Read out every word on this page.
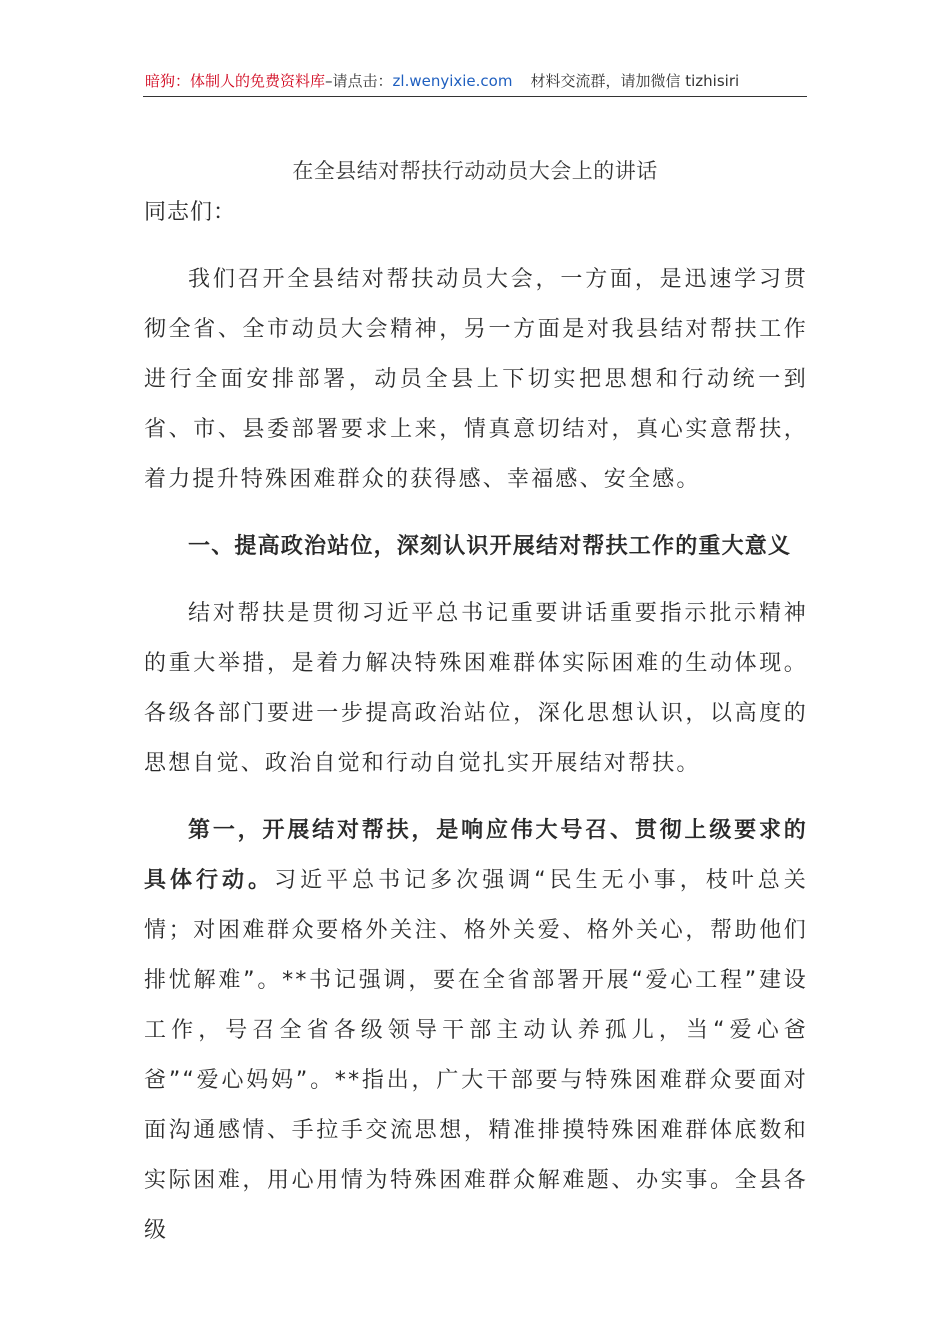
暗狗：体制人的免费资料库–请点击：zl.wenyixie.com 材料交流群，请加微信 tizhisiri
在全县结对帮扶行动动员大会上的讲话

同志们：

我们召开全县结对帮扶动员大会，一方面，是迅速学习贯彻全省、全市动员大会精神，另一方面是对我县结对帮扶工作进行全面安排部署，动员全县上下切实把思想和行动统一到省、市、县委部署要求上来，情真意切结对，真心实意帮扶，着力提升特殊困难群众的获得感、幸福感、安全感。

一、提高政治站位，深刻认识开展结对帮扶工作的重大意义

结对帮扶是贯彻习近平总书记重要讲话重要指示批示精神的重大举措，是着力解决特殊困难群体实际困难的生动体现。各级各部门要进一步提高政治站位，深化思想认识，以高度的思想自觉、政治自觉和行动自觉扎实开展结对帮扶。

第一，开展结对帮扶，是响应伟大号召、贯彻上级要求的具体行动。习近平总书记多次强调“民生无小事，枝叶总关情；对困难群众要格外关注、格外关爱、格外关心，帮助他们排忧解难”。**书记强调，要在全省部署开展“爱心工程”建设工作，号召全省各级领导干部主动认养孤儿，当“爱心爸爸”“爱心妈妈”。**指出，广大干部要与特殊困难群众要面对面沟通感情、手拉手交流思想，精准排摸特殊困难群体底数和实际困难，用心用情为特殊困难群众解难题、办实事。全县各级
